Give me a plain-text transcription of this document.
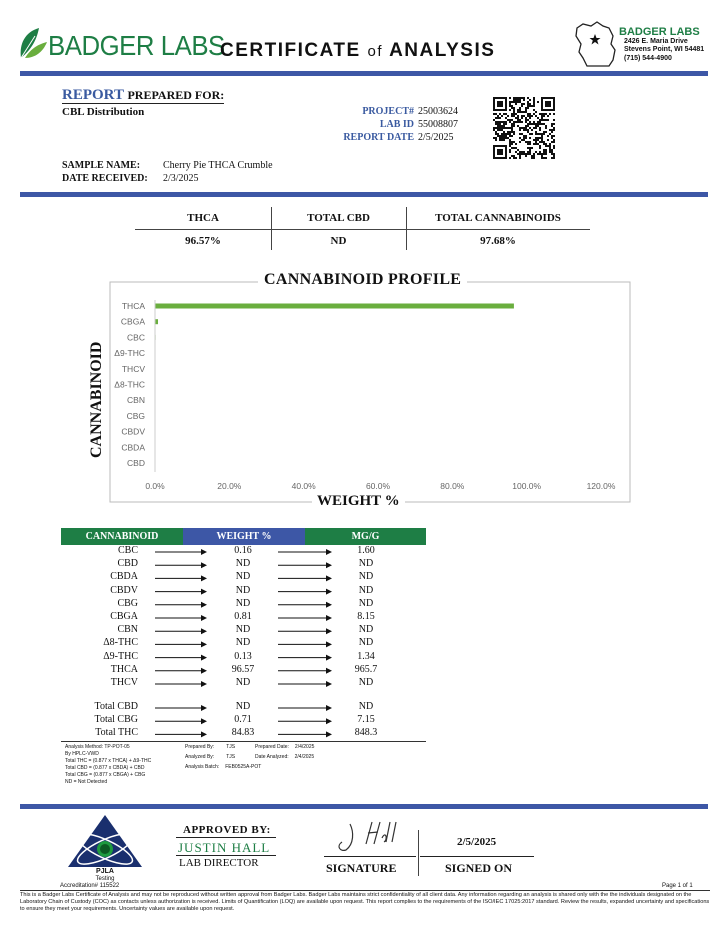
BADGER LABS
CERTIFICATE of ANALYSIS
BADGER LABS
2426 E. Maria Drive
Stevens Point, WI 54481
(715) 544-4900
REPORT PREPARED FOR:
CBL Distribution	PROJECT# 25003624
LAB ID 55008807
REPORT DATE 2/5/2025
SAMPLE NAME: Cherry Pie THCA Crumble
DATE RECEIVED: 2/3/2025
THCA	TOTAL CBD	TOTAL CANNABINOIDS
96.57%	ND	97.68%
THCA
CBGA
CBC
Δ9-THC
THCV
Δ8-THC
CBN
CBG
CBDV
CBDA
CBD
0.0%	20.0%	40.0%	60.0%	80.0%	100.0%	120.0%
CANNABINOID PROFILE
CANNABINOID
WEIGHT %
CANNABINOID	WEIGHT %	MG/G
CBC	0.16	1.60
CBD	ND	ND
CBDA	ND	ND
CBDV	ND	ND
CBG	ND	ND
CBGA	0.81	8.15
CBN	ND	ND
Δ8-THC	ND	ND
Δ9-THC	0.13	1.34
THCA	96.57	965.7
THCV	ND	ND
Total CBD	ND	ND
Total CBG	0.71	7.15
Total THC	84.83	848.3
Analysis Method: TP-POT-05
By HPLC-VWD
Total THC = (0.877 x THCA) + Δ9-THC
Total CBD = (0.877 x CBDA) + CBD
Total CBG = (0.877 x CBGA) + CBG
ND = Not Detected
Prepared By: TJS	Prepared Date: 2/4/2025
Analyzed By: TJS	Date Analyzed: 2/4/2025
Analysis Batch: FEB0525A-POT
PJLA
Testing
Accreditation# 115522
APPROVED BY:
JUSTIN HALL
LAB DIRECTOR
2/5/2025
SIGNATURE	SIGNED ON
Page 1 of 1
This is a Badger Labs Certificate of Analysis and may not be reproduced without written approval from Badger Labs. Badger Labs maintains strict confidentiality of all client data. Any information regarding an analysis is shared only with the the individuals designated on the Laboratory Chain of Custody (COC) as contacts unless authorization is received. Limits of Quantification (LOQ) are available upon request. This report complies to the requirements of the ISO/IEC 17025:2017 standard. Review the results, expanded uncertainty and specifications to ensure they meet your requirements. Uncertainty values are available upon request.
